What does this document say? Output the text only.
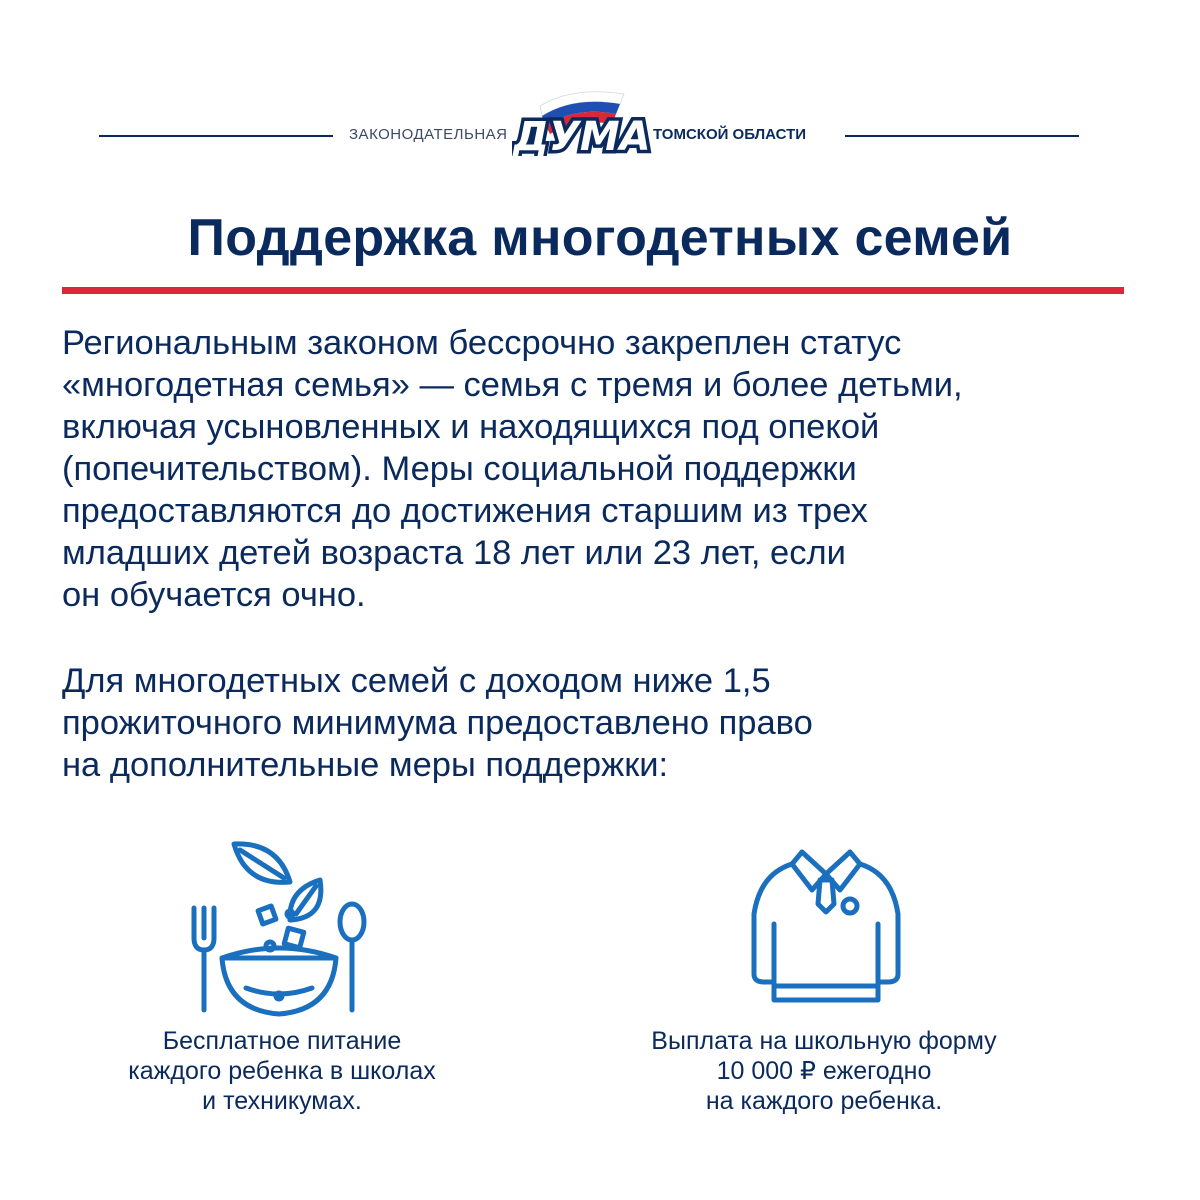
ЗАКОНОДАТЕЛЬНАЯ ДУМА ТОМСКОЙ ОБЛАСТИ
Поддержка многодетных семей
Региональным законом бессрочно закреплен статус
«многодетная семья» — семья с тремя и более детьми,
включая усыновленных и находящихся под опекой
(попечительством). Меры социальной поддержки
предоставляются до достижения старшим из трех
младших детей возраста 18 лет или 23 лет, если
он обучается очно.
Для многодетных семей с доходом ниже 1,5
прожиточного минимума предоставлено право
на дополнительные меры поддержки:
Бесплатное питание
каждого ребенка в школах
и техникумах.
Выплата на школьную форму
10 000 ₽ ежегодно
на каждого ребенка.
